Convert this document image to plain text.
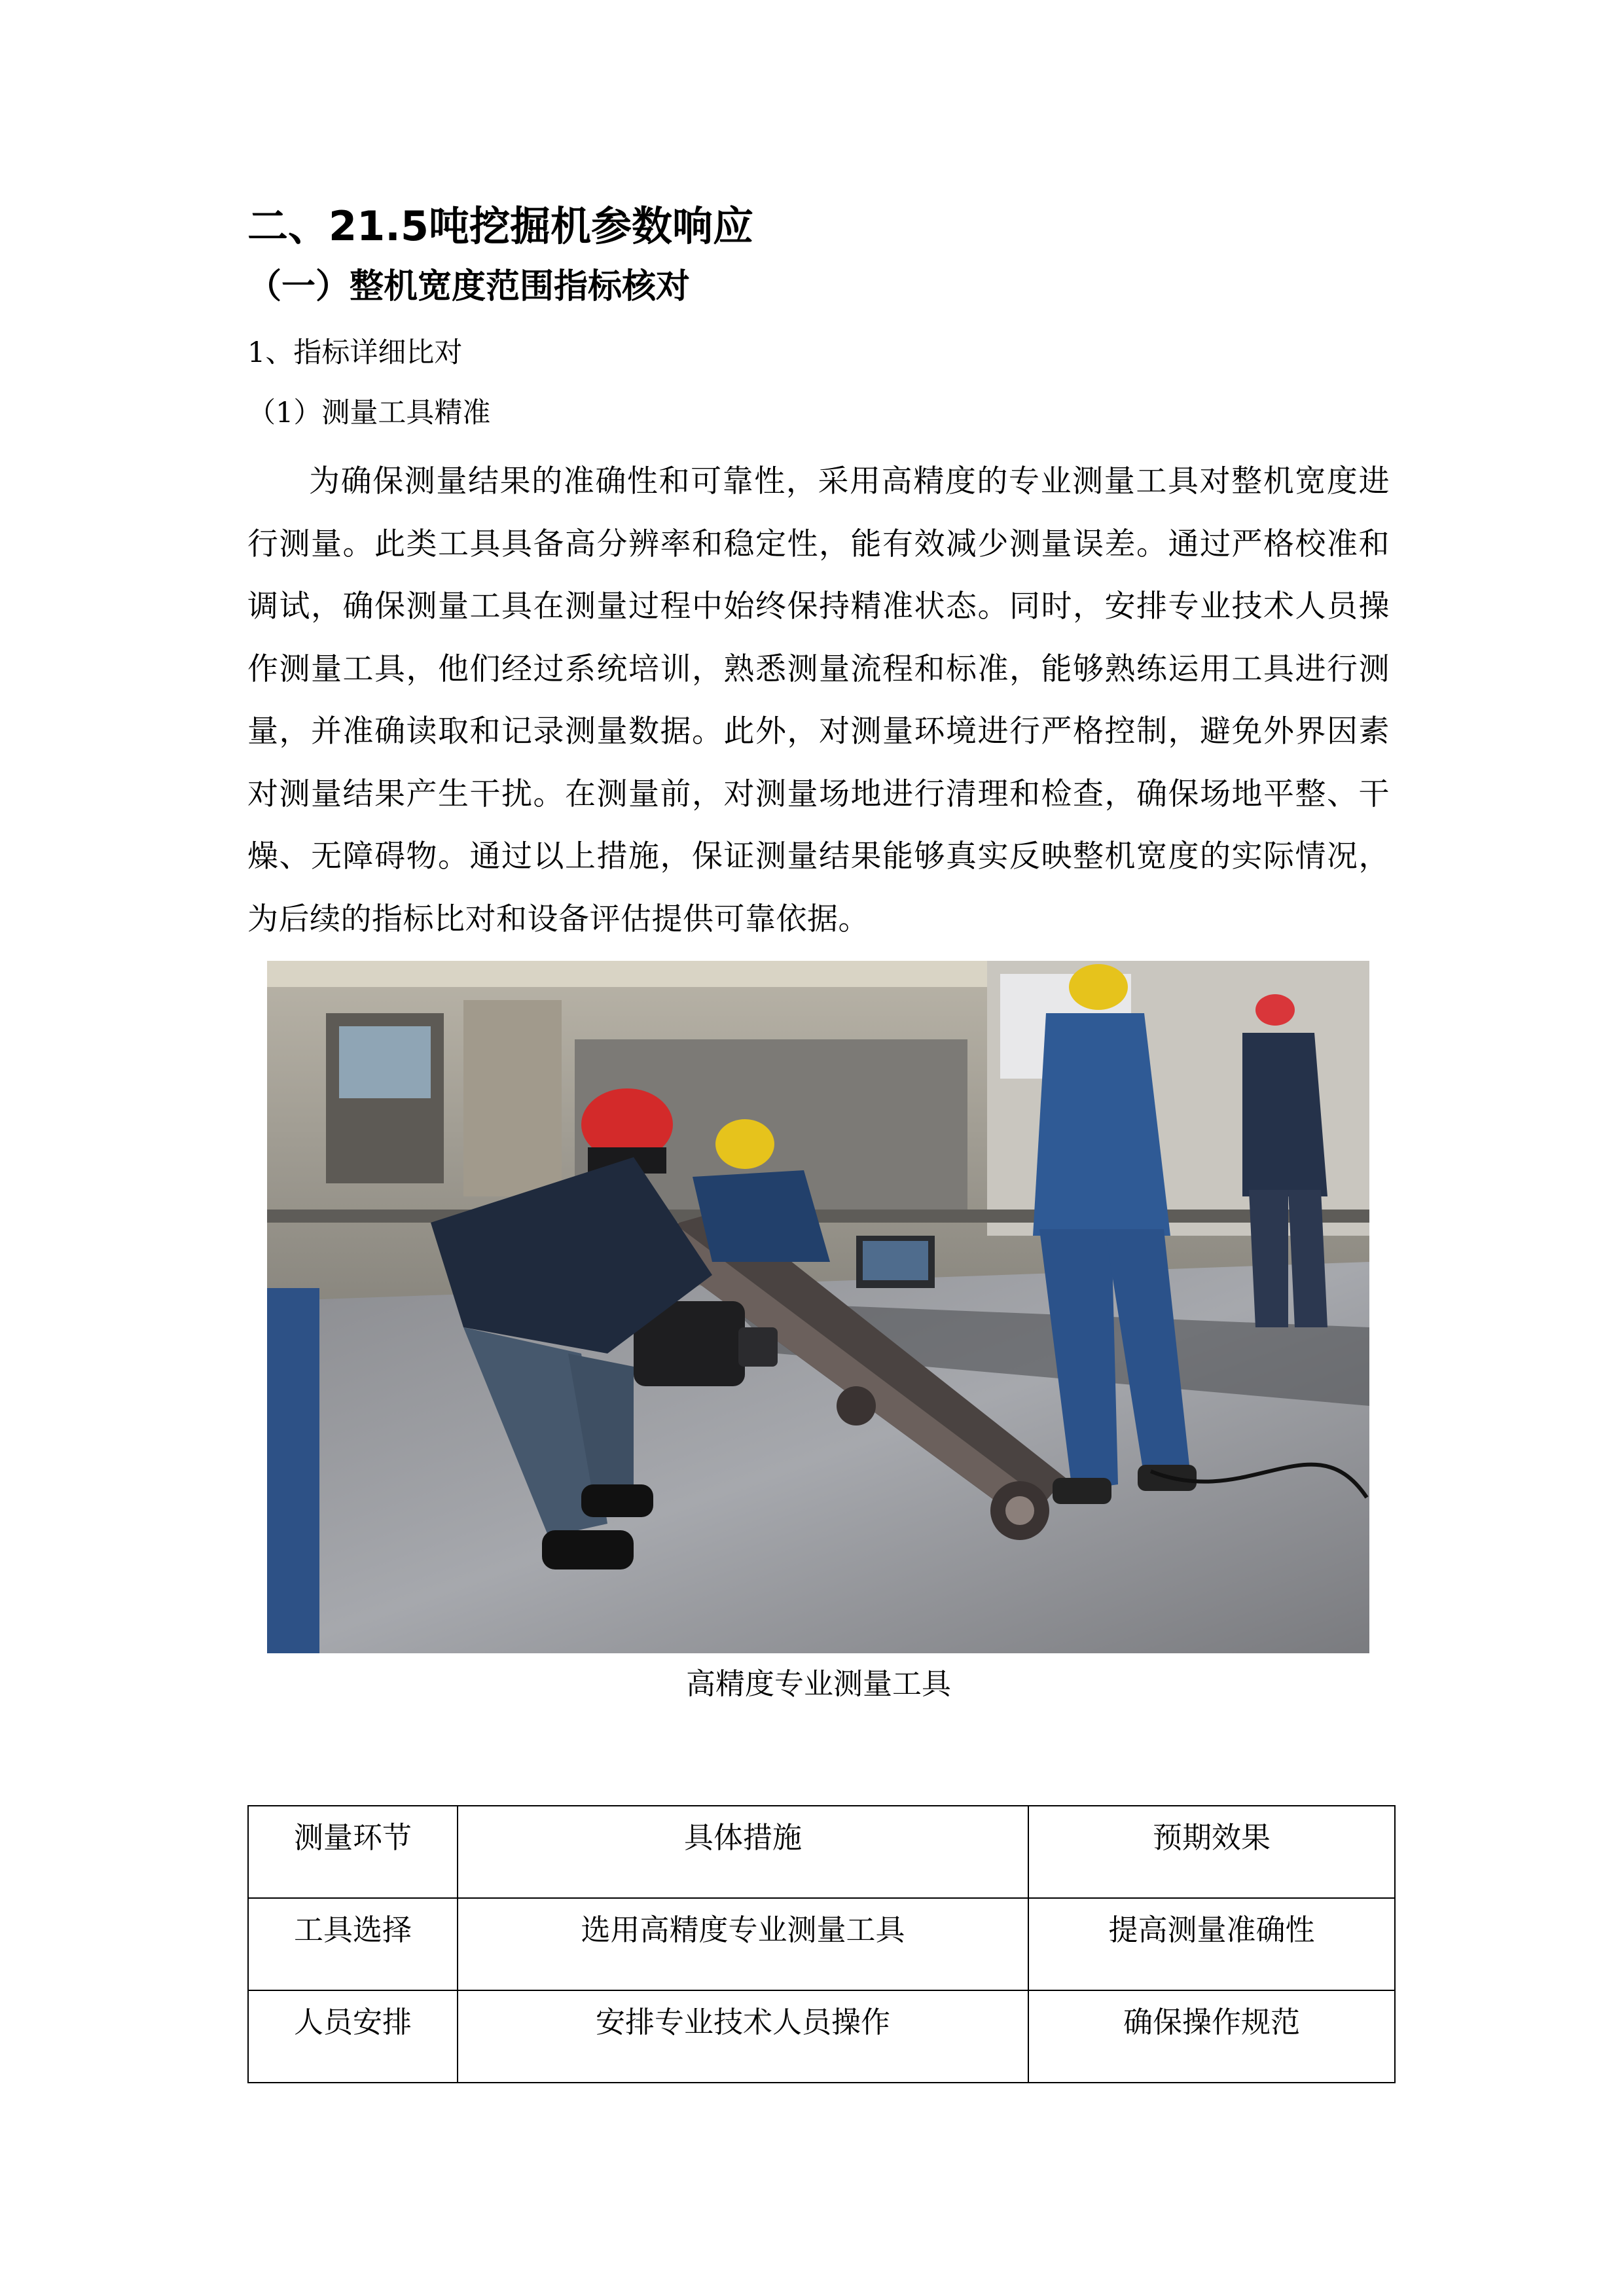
二、21.5吨挖掘机参数响应
（一）整机宽度范围指标核对

1、指标详细比对

（1）测量工具精准

为确保测量结果的准确性和可靠性，采用高精度的专业测量工具对整机宽度进行测量。此类工具具备高分辨率和稳定性，能有效减少测量误差。通过严格校准和调试，确保测量工具在测量过程中始终保持精准状态。同时，安排专业技术人员操作测量工具，他们经过系统培训，熟悉测量流程和标准，能够熟练运用工具进行测量，并准确读取和记录测量数据。此外，对测量环境进行严格控制，避免外界因素对测量结果产生干扰。在测量前，对测量场地进行清理和检查，确保场地平整、干燥、无障碍物。通过以上措施，保证测量结果能够真实反映整机宽度的实际情况，为后续的指标比对和设备评估提供可靠依据。

高精度专业测量工具

测量环节	具体措施	预期效果
工具选择	选用高精度专业测量工具	提高测量准确性
人员安排	安排专业技术人员操作	确保操作规范
